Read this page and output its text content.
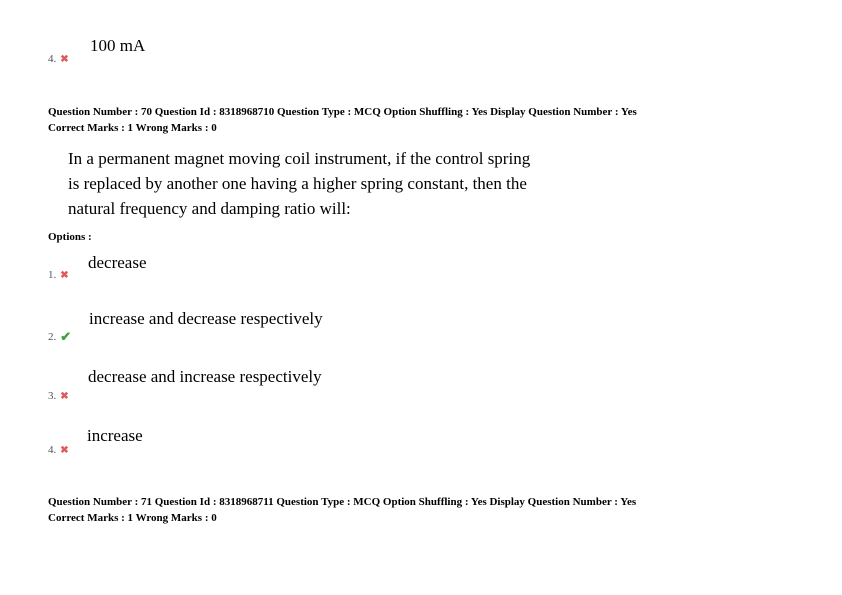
100 mA
4. ✖
Question Number : 70 Question Id : 8318968710 Question Type : MCQ Option Shuffling : Yes Display Question Number : Yes
Correct Marks : 1 Wrong Marks : 0
In a permanent magnet moving coil instrument, if the control spring
is replaced by another one having a higher spring constant, then the
natural frequency and damping ratio will:
Options :
decrease
1. ✖
increase and decrease respectively
2. ✔
decrease and increase respectively
3. ✖
increase
4. ✖
Question Number : 71 Question Id : 8318968711 Question Type : MCQ Option Shuffling : Yes Display Question Number : Yes
Correct Marks : 1 Wrong Marks : 0
